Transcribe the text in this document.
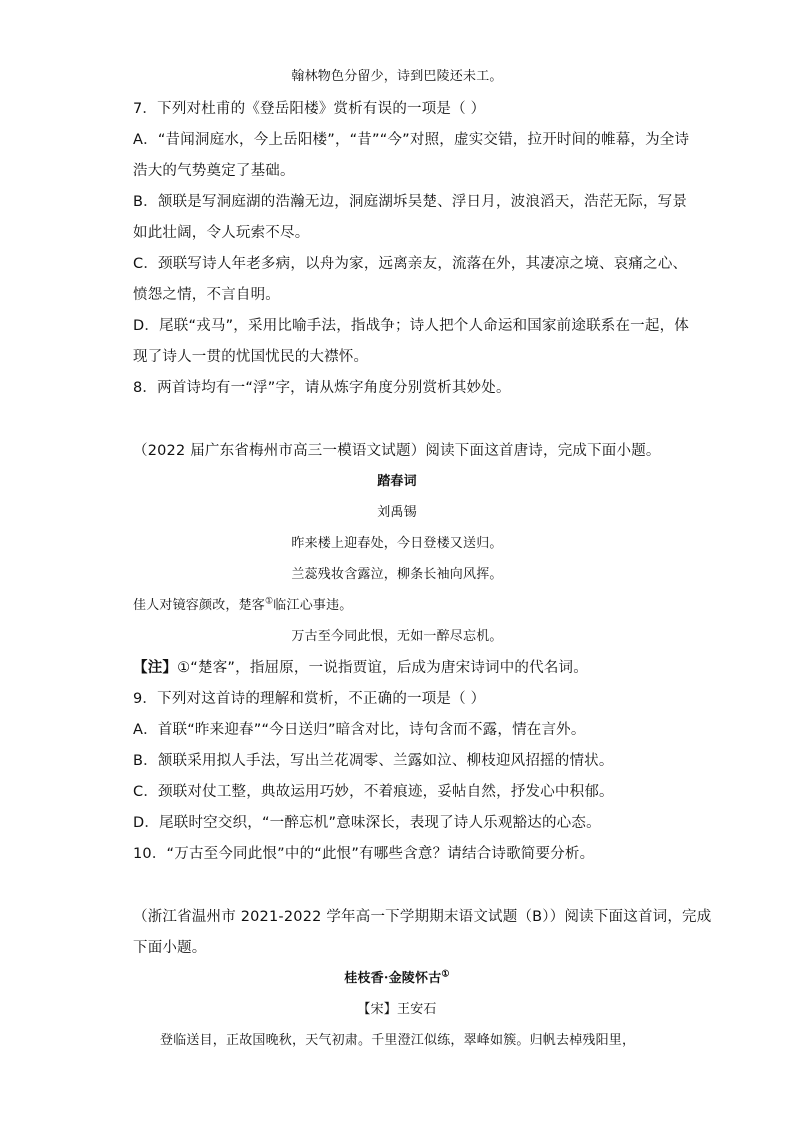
翰林物色分留少，诗到巴陵还未工。
7．下列对杜甫的《登岳阳楼》赏析有误的一项是（ ）
A．“昔闻洞庭水，今上岳阳楼”，“昔”“今”对照，虚实交错，拉开时间的帷幕，为全诗
浩大的气势奠定了基础。
B．颔联是写洞庭湖的浩瀚无边，洞庭湖坼吴楚、浮日月，波浪滔天，浩茫无际，写景
如此壮阔，令人玩索不尽。
C．颈联写诗人年老多病，以舟为家，远离亲友，流落在外，其凄凉之境、哀痛之心、
愤怨之情，不言自明。
D．尾联“戎马”，采用比喻手法，指战争；诗人把个人命运和国家前途联系在一起，体
现了诗人一贯的忧国忧民的大襟怀。
8．两首诗均有一“浮”字，请从炼字角度分别赏析其妙处。
（2022 届广东省梅州市高三一模语文试题）阅读下面这首唐诗，完成下面小题。
踏春词
刘禹锡
昨来楼上迎春处，今日登楼又送归。
兰蕊残妆含露泣，柳条长袖向风挥。
佳人对镜容颜改，楚客①临江心事违。
万古至今同此恨，无如一醉尽忘机。
【注】①“楚客”，指屈原，一说指贾谊，后成为唐宋诗词中的代名词。
9．下列对这首诗的理解和赏析，不正确的一项是（ ）
A．首联“昨来迎春”“今日送归”暗含对比，诗句含而不露，情在言外。
B．颔联采用拟人手法，写出兰花凋零、兰露如泣、柳枝迎风招摇的情状。
C．颈联对仗工整，典故运用巧妙，不着痕迹，妥帖自然，抒发心中积郁。
D．尾联时空交织，“一醉忘机”意味深长，表现了诗人乐观豁达的心态。
10．“万古至今同此恨”中的“此恨”有哪些含意？请结合诗歌简要分析。
（浙江省温州市 2021-2022 学年高一下学期期末语文试题（B））阅读下面这首词，完成
下面小题。
桂枝香·金陵怀古①
【宋】王安石
登临送目，正故国晚秋，天气初肃。千里澄江似练，翠峰如簇。归帆去棹残阳里，
